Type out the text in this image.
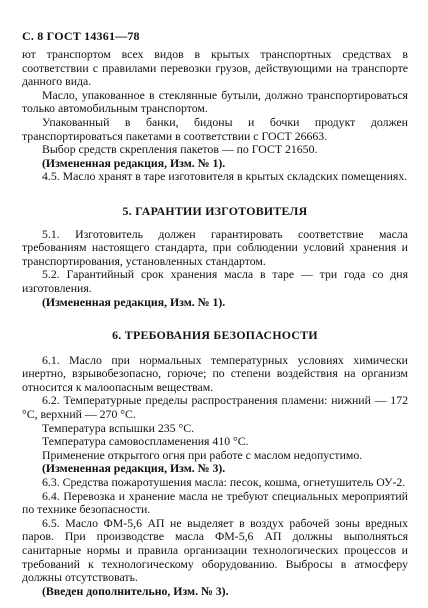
С. 8 ГОСТ 14361—78

ют транспортом всех видов в крытых транспортных средствах в соответствии с правилами перевозки грузов, действующими на транспорте данного вида.

Масло, упакованное в стеклянные бутыли, должно транспортироваться только автомобильным транспортом.

Упакованный в банки, бидоны и бочки продукт должен транспортироваться пакетами в соответствии с ГОСТ 26663.

Выбор средств скрепления пакетов — по ГОСТ 21650.

(Измененная редакция, Изм. № 1).

4.5. Масло хранят в таре изготовителя в крытых складских помещениях.

5. ГАРАНТИИ ИЗГОТОВИТЕЛЯ

5.1. Изготовитель должен гарантировать соответствие масла требованиям настоящего стандарта, при соблюдении условий хранения и транспортирования, установленных стандартом.

5.2. Гарантийный срок хранения масла в таре — три года со дня изготовления.

(Измененная редакция, Изм. № 1).

6. ТРЕБОВАНИЯ БЕЗОПАСНОСТИ

6.1. Масло при нормальных температурных условиях химически инертно, взрывобезопасно, горюче; по степени воздействия на организм относится к малоопасным веществам.

6.2. Температурные пределы распространения пламени: нижний — 172 °С, верхний — 270 °С.

Температура вспышки 235 °С.

Температура самовоспламенения 410 °С.

Применение открытого огня при работе с маслом недопустимо.

(Измененная редакция, Изм. № 3).

6.3. Средства пожаротушения масла: песок, кошма, огнетушитель ОУ-2.

6.4. Перевозка и хранение масла не требуют специальных мероприятий по технике безопасности.

6.5. Масло ФМ-5,6 АП не выделяет в воздух рабочей зоны вредных паров. При производстве масла ФМ-5,6 АП должны выполняться санитарные нормы и правила организации технологических процессов и требований к технологическому оборудованию. Выбросы в атмосферу должны отсутствовать.

(Введен дополнительно, Изм. № 3).
